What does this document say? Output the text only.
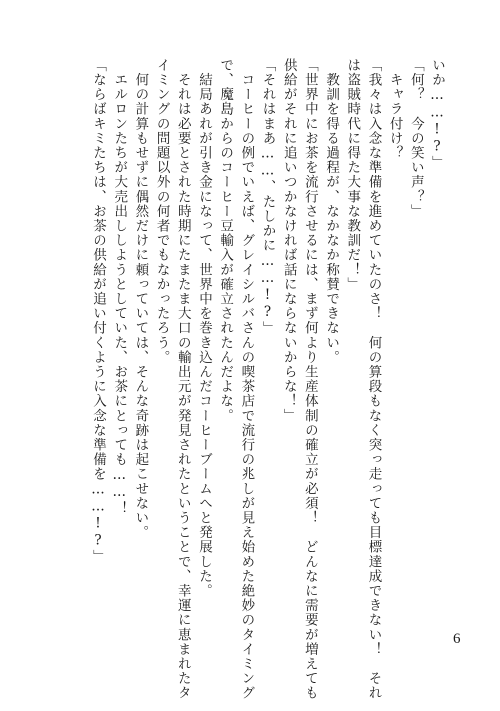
いか……!?」
「何？　今の笑い声？」
　キャラ付け？
「我々は入念な準備を進めていたのさ！　何の算段もなく突っ走っても目標達成できない！　それ
は盗賊時代に得た大事な教訓だ！」
　教訓を得る過程が、なかなか称賛できない。
「世界中にお茶を流行させるには、まず何より生産体制の確立が必須！　どんなに需要が増えても
供給がそれに追いつかなければ話にならないからな！」
「それはまあ……、たしかに……!?」
　コーヒーの例でいえば、グレイシルバさんの喫茶店で流行の兆しが見え始めた絶妙のタイミング
で、魔島からのコーヒー豆輸入が確立されたんだよな。
　結局あれが引き金になって、世界中を巻き込んだコーヒーブームへと発展した。
　それは必要とされた時期にたまたま大口の輸出元が発見されたということで、幸運に恵まれたタ
イミングの問題以外の何者でもなかったろう。
　何の計算もせずに偶然だけに頼っていては、そんな奇跡は起こせない。
　エルロンたちが大売出ししようとしていた、お茶にとっても……！
「ならばキミたちは、お茶の供給が追い付くように入念な準備を……!?」
6
